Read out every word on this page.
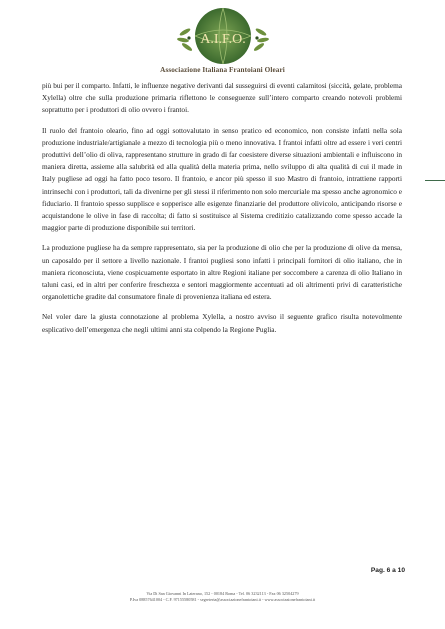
A.I.F.O.
Associazione Italiana Frantoiani Oleari

più bui per il comparto. Infatti, le influenze negative derivanti dal susseguirsi di eventi calamitosi (siccità, gelate, problema Xylella) oltre che sulla produzione primaria riflettono le conseguenze sull’intero comparto creando notevoli problemi soprattutto per i produttori di olio ovvero i frantoi.

Il ruolo del frantoio oleario, fino ad oggi sottovalutato in senso pratico ed economico, non consiste infatti nella sola produzione industriale/artigianale a mezzo di tecnologia più o meno innovativa. I frantoi infatti oltre ad essere i veri centri produttivi dell’olio di oliva, rappresentano strutture in grado di far coesistere diverse situazioni ambientali e influiscono in maniera diretta, assieme alla salubrità ed alla qualità della materia prima, nello sviluppo di alta qualità di cui il made in Italy pugliese ad oggi ha fatto poco tesoro. Il frantoio, e ancor più spesso il suo Mastro di frantoio, intrattiene rapporti intrinsechi con i produttori, tali da divenirne per gli stessi il riferimento non solo mercuriale ma spesso anche agronomico e fiduciario. Il frantoio spesso supplisce e sopperisce alle esigenze finanziarie del produttore olivicolo, anticipando risorse e acquistandone le olive in fase di raccolta; di fatto si sostituisce al Sistema creditizio catalizzando come spesso accade la maggior parte di produzione disponibile sui territori.

La produzione pugliese ha da sempre rappresentato, sia per la produzione di olio che per la produzione di olive da mensa, un caposaldo per il settore a livello nazionale. I frantoi pugliesi sono infatti i principali fornitori di olio italiano, che in maniera riconosciuta, viene cospicuamente esportato in altre Regioni italiane per soccombere a carenza di olio Italiano in taluni casi, ed in altri per conferire freschezza e sentori maggiormente accentuati ad oli altrimenti privi di caratteristiche organolettiche gradite dal consumatore finale di provenienza italiana ed estera.

Nel voler dare la giusta connotazione al problema Xylella, a nostro avviso il seguente grafico risulta notevolmente esplicativo dell’emergenza che negli ultimi anni sta colpendo la Regione Puglia.

Pag. 6 a 10
Via Di San Giovanni In Laterano, 152 - 00184 Roma - Tel. 06 3232113 - Fax 06 32504279
P.Iva 08857641004 - C.F. 97155580581 - segreteria@associazionefrantoiani.it - www.associazionefrantoiani.it
